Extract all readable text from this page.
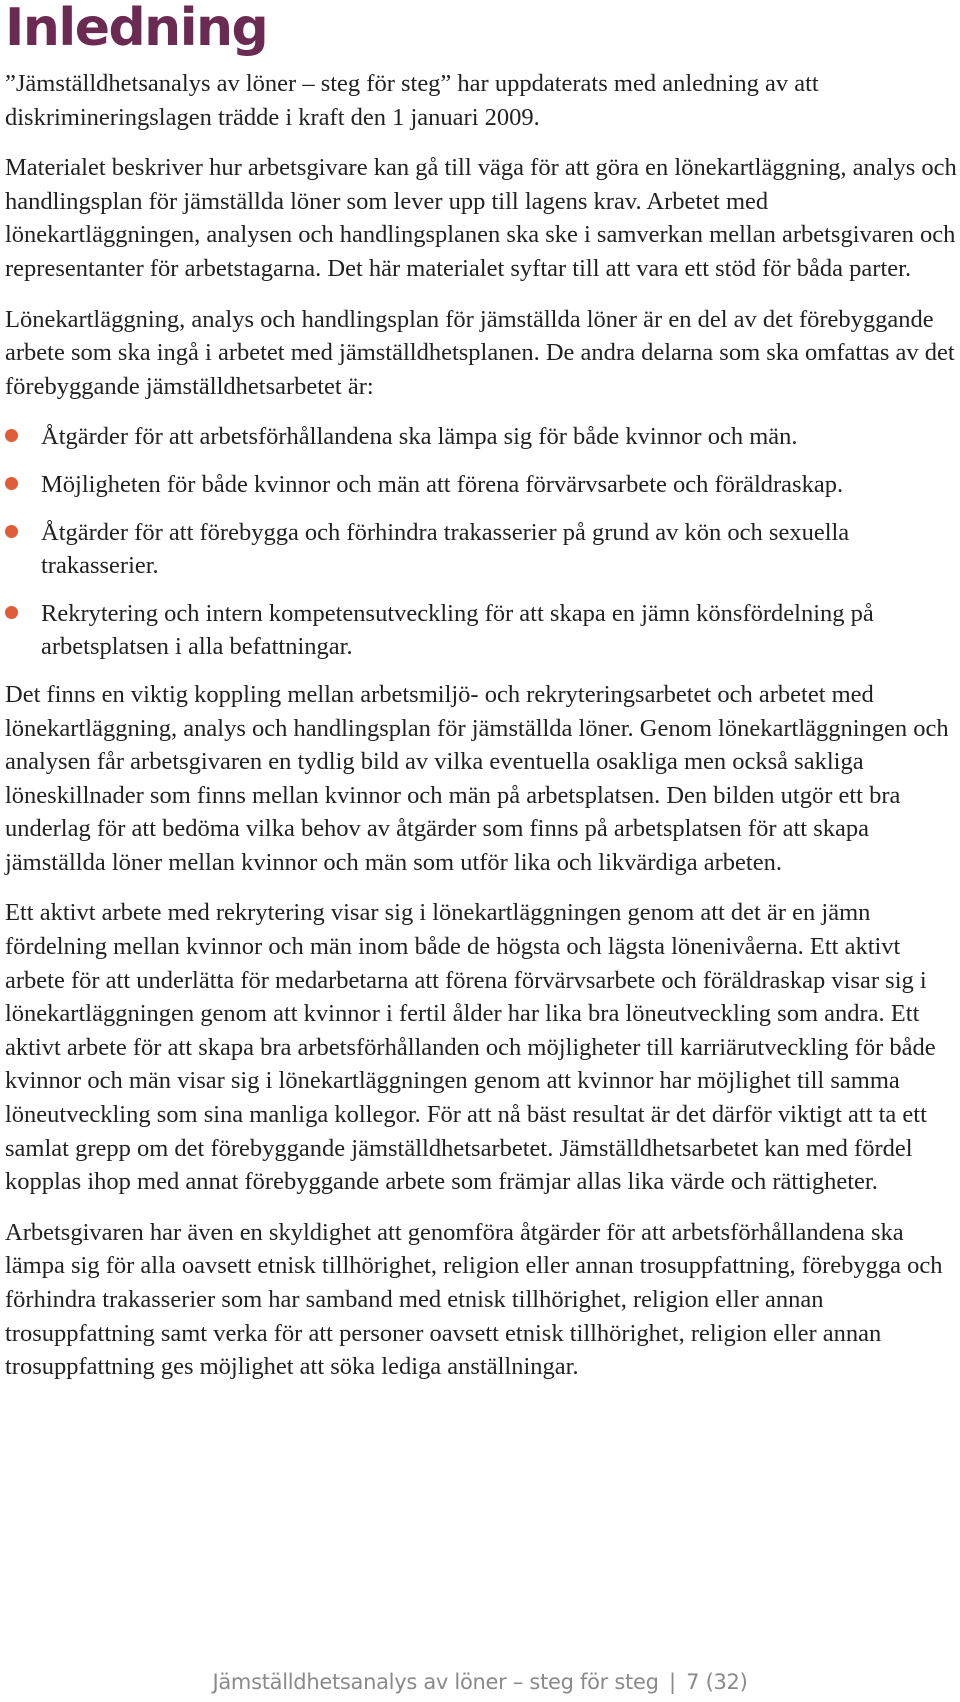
Inledning

”Jämställdhetsanalys av löner – steg för steg” har uppdaterats med anledning av att diskrimineringslagen trädde i kraft den 1 januari 2009.

Materialet beskriver hur arbetsgivare kan gå till väga för att göra en lönekartläggning, analys och handlingsplan för jämställda löner som lever upp till lagens krav. Arbetet med lönekartläggningen, analysen och handlingsplanen ska ske i samverkan mellan arbetsgivaren och representanter för arbetstagarna. Det här materialet syftar till att vara ett stöd för båda parter.

Lönekartläggning, analys och handlingsplan för jämställda löner är en del av det förebyggande arbete som ska ingå i arbetet med jämställdhetsplanen. De andra delarna som ska omfattas av det förebyggande jämställdhetsarbetet är:

Åtgärder för att arbetsförhållandena ska lämpa sig för både kvinnor och män.
Möjligheten för både kvinnor och män att förena förvärvsarbete och föräldraskap.
Åtgärder för att förebygga och förhindra trakasserier på grund av kön och sexuella trakasserier.
Rekrytering och intern kompetensutveckling för att skapa en jämn könsfördelning på arbetsplatsen i alla befattningar.

Det finns en viktig koppling mellan arbetsmiljö- och rekryteringsarbetet och arbetet med lönekartläggning, analys och handlingsplan för jämställda löner. Genom lönekartläggningen och analysen får arbetsgivaren en tydlig bild av vilka eventuella osakliga men också sakliga löneskillnader som finns mellan kvinnor och män på arbetsplatsen. Den bilden utgör ett bra underlag för att bedöma vilka behov av åtgärder som finns på arbetsplatsen för att skapa jämställda löner mellan kvinnor och män som utför lika och likvärdiga arbeten.

Ett aktivt arbete med rekrytering visar sig i lönekartläggningen genom att det är en jämn fördelning mellan kvinnor och män inom både de högsta och lägsta lönenivåerna. Ett aktivt arbete för att underlätta för medarbetarna att förena förvärvsarbete och föräldraskap visar sig i lönekartläggningen genom att kvinnor i fertil ålder har lika bra löneutveckling som andra. Ett aktivt arbete för att skapa bra arbetsförhållanden och möjligheter till karriärutveckling för både kvinnor och män visar sig i lönekartläggningen genom att kvinnor har möjlighet till samma löneutveckling som sina manliga kollegor. För att nå bäst resultat är det därför viktigt att ta ett samlat grepp om det förebyggande jämställdhetsarbetet. Jämställdhetsarbetet kan med fördel kopplas ihop med annat förebyggande arbete som främjar allas lika värde och rättigheter.

Arbetsgivaren har även en skyldighet att genomföra åtgärder för att arbetsförhållandena ska lämpa sig för alla oavsett etnisk tillhörighet, religion eller annan trosuppfattning, förebygga och förhindra trakasserier som har samband med etnisk tillhörighet, religion eller annan trosuppfattning samt verka för att personer oavsett etnisk tillhörighet, religion eller annan trosuppfattning ges möjlighet att söka lediga anställningar.

Jämställdhetsanalys av löner – steg för steg | 7 (32)
